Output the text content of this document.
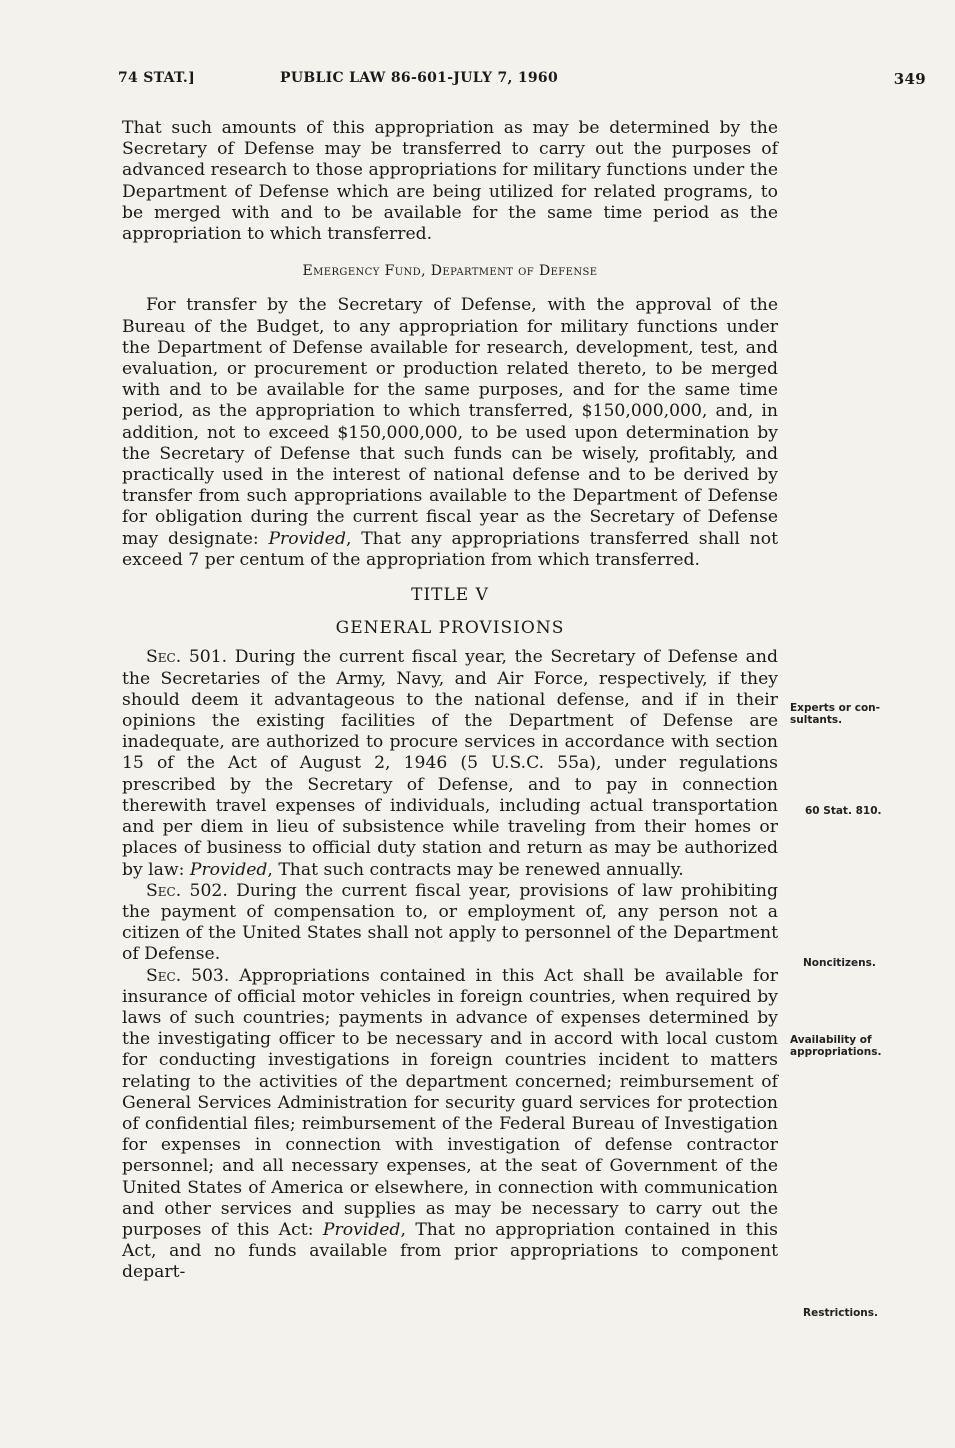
74 STAT.]	PUBLIC LAW 86-601-JULY 7, 1960	349

That such amounts of this appropriation as may be determined by the Secretary of Defense may be transferred to carry out the purposes of advanced research to those appropriations for military functions under the Department of Defense which are being utilized for related programs, to be merged with and to be available for the same time period as the appropriation to which transferred.

Emergency Fund, Department of Defense

For transfer by the Secretary of Defense, with the approval of the Bureau of the Budget, to any appropriation for military functions under the Department of Defense available for research, development, test, and evaluation, or procurement or production related thereto, to be merged with and to be available for the same purposes, and for the same time period, as the appropriation to which transferred, $150,000,000, and, in addition, not to exceed $150,000,000, to be used upon determination by the Secretary of Defense that such funds can be wisely, profitably, and practically used in the interest of national defense and to be derived by transfer from such appropriations available to the Department of Defense for obligation during the current fiscal year as the Secretary of Defense may designate: Provided, That any appropriations transferred shall not exceed 7 per centum of the appropriation from which transferred.

TITLE V
GENERAL PROVISIONS

Sec. 501. During the current fiscal year, the Secretary of Defense and the Secretaries of the Army, Navy, and Air Force, respectively, if they should deem it advantageous to the national defense, and if in their opinions the existing facilities of the Department of Defense are inadequate, are authorized to procure services in accordance with section 15 of the Act of August 2, 1946 (5 U.S.C. 55a), under regulations prescribed by the Secretary of Defense, and to pay in connection therewith travel expenses of individuals, including actual transportation and per diem in lieu of subsistence while traveling from their homes or places of business to official duty station and return as may be authorized by law: Provided, That such contracts may be renewed annually.

Sec. 502. During the current fiscal year, provisions of law prohibiting the payment of compensation to, or employment of, any person not a citizen of the United States shall not apply to personnel of the Department of Defense.

Sec. 503. Appropriations contained in this Act shall be available for insurance of official motor vehicles in foreign countries, when required by laws of such countries; payments in advance of expenses determined by the investigating officer to be necessary and in accord with local custom for conducting investigations in foreign countries incident to matters relating to the activities of the department concerned; reimbursement of General Services Administration for security guard services for protection of confidential files; reimbursement of the Federal Bureau of Investigation for expenses in connection with investigation of defense contractor personnel; and all necessary expenses, at the seat of Government of the United States of America or elsewhere, in connection with communication and other services and supplies as may be necessary to carry out the purposes of this Act: Provided, That no appropriation contained in this Act, and no funds available from prior appropriations to component depart-

Experts or con-sultants.
60 Stat. 810.
Noncitizens.
Availability of appropriations.
Restrictions.
